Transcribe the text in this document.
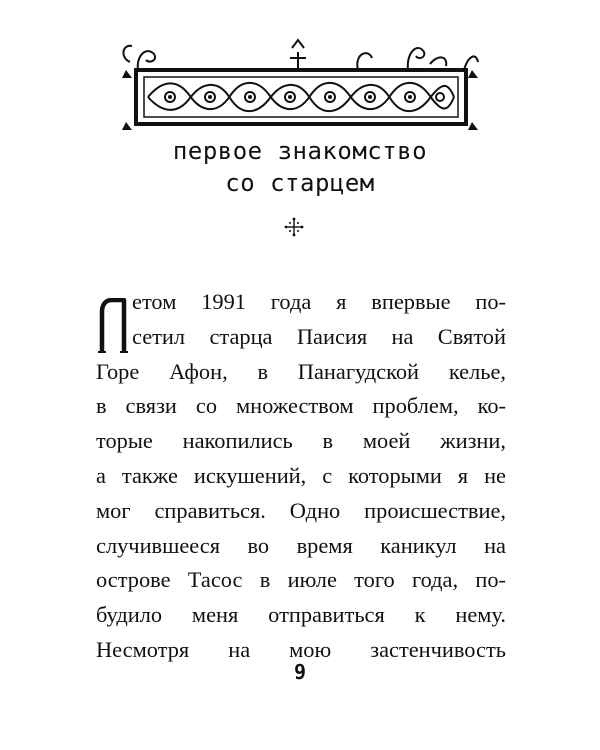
первое знакомство
со старцем
етом 1991 года я впервые по-
сетил старца Паисия на Святой
Горе Афон, в Панагудской келье,
в связи со множеством проблем, ко-
торые накопились в моей жизни,
а также искушений, с которыми я не
мог справиться. Одно происшествие,
случившееся во время каникул на
острове Тасос в июле того года, по-
будило меня отправиться к нему.
Несмотря на мою застенчивость
9
